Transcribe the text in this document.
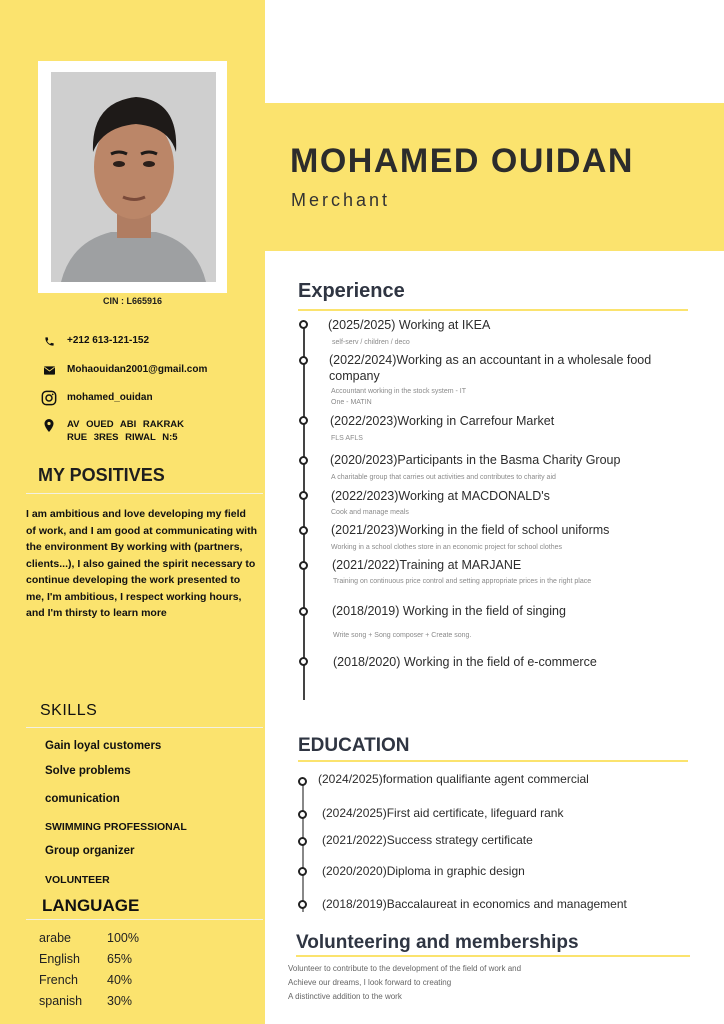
CIN : L665916
+212 613-121-152
Mohaouidan2001@gmail.com
mohamed_ouidan
AV OUED ABI RAKRAK RUE 3RES RIWAL N:5
MY POSITIVES
I am ambitious and love developing my field of work, and I am good at communicating with the environment By working with (partners, clients...), I also gained the spirit necessary to continue developing the work presented to me, I'm ambitious, I respect working hours, and I'm thirsty to learn more
SKILLS
Gain loyal customers
Solve problems
comunication
SWIMMING PROFESSIONAL
Group organizer
VOLUNTEER
LANGUAGE
arabe	100%
English	65%
French	40%
spanish	30%
MOHAMED OUIDAN
Merchant
Experience
(2025/2025) Working at IKEA
self-serv / children / deco
(2022/2024)Working as an accountant in a wholesale food company
Accountant working in the stock system - IT One - MATIN
(2022/2023)Working in Carrefour Market
FLS AFLS
(2020/2023)Participants in the Basma Charity Group
A charitable group that carries out activities and contributes to charity aid
(2022/2023)Working at MACDONALD's
Cook and manage meals
(2021/2023)Working in the field of school uniforms
Working in a school clothes store in an economic project for school clothes
(2021/2022)Training at MARJANE
Training on continuous price control and setting appropriate prices in the right place
(2018/2019) Working in the field of singing
Write song + Song composer + Create song.
(2018/2020) Working in the field of e-commerce
EDUCATION
(2024/2025)formation qualifiante agent commercial
(2024/2025)First aid certificate, lifeguard rank
(2021/2022)Success strategy certificate
(2020/2020)Diploma in graphic design
(2018/2019)Baccalaureat in economics and management
Volunteering and memberships
Volunteer to contribute to the development of the field of work and
Achieve our dreams, I look forward to creating
A distinctive addition to the work
